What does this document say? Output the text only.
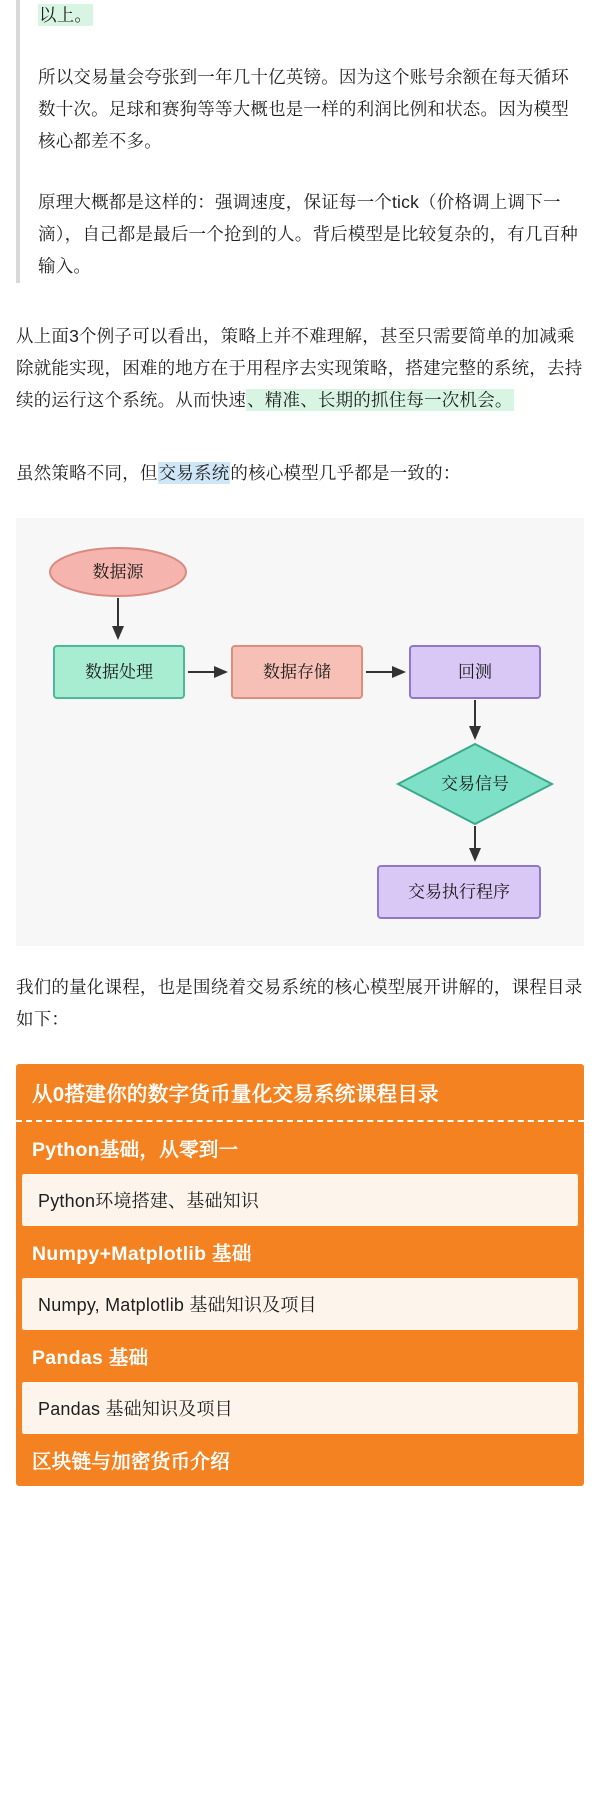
以上。

所以交易量会夸张到一年几十亿英镑。因为这个账号余额在每天循环数十次。足球和赛狗等等大概也是一样的利润比例和状态。因为模型核心都差不多。

原理大概都是这样的：强调速度，保证每一个tick（价格调上调下一滴），自己都是最后一个抢到的人。背后模型是比较复杂的，有几百种输入。

从上面3个例子可以看出，策略上并不难理解，甚至只需要简单的加减乘除就能实现，困难的地方在于用程序去实现策略，搭建完整的系统，去持续的运行这个系统。从而快速、精准、长期的抓住每一次机会。
虽然策略不同，但交易系统的核心模型几乎都是一致的：
数据源
数据处理	数据存储	回测
交易信号
交易执行程序
我们的量化课程，也是围绕着交易系统的核心模型展开讲解的，课程目录如下：
从0搭建你的数字货币量化交易系统课程目录
Python基础，从零到一
Python环境搭建、基础知识
Numpy+Matplotlib 基础
Numpy, Matplotlib 基础知识及项目
Pandas 基础
Pandas 基础知识及项目
区块链与加密货币介绍
